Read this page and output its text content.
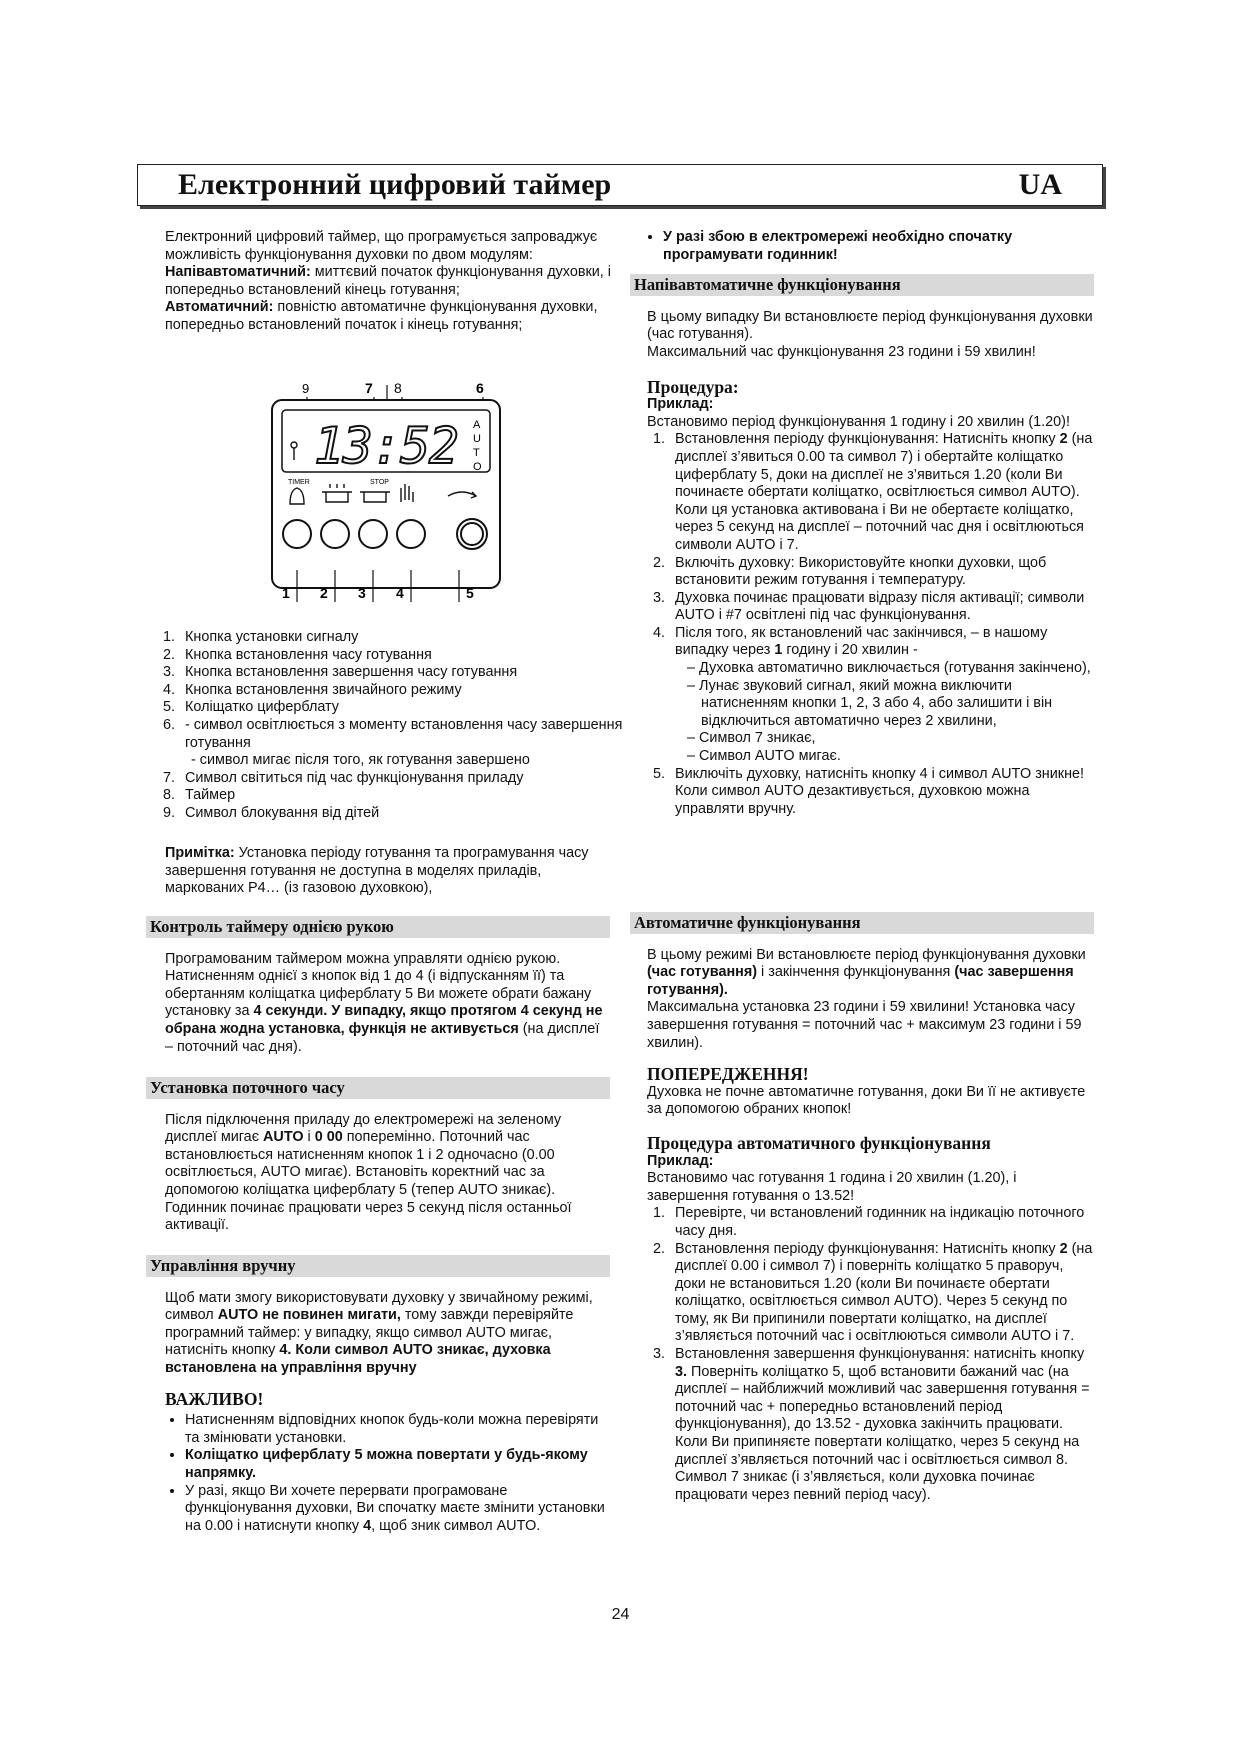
Електронний цифровий таймер	UA

Електронний цифровий таймер, що програмується запроваджує можливість функціонування духовки по двом модулям:

Напівавтоматичний: миттєвий початок функціонування духовки, і попередньо встановлений кінець готування;

Автоматичний: повністю автоматичне функціонування духовки, попередньо встановлений початок і кінець готування;

9	7 8	6
13:52 A U T O
TIMER	STOP
1 2 3 4	5
1. Кнопка установки сигналу
2. Кнопка встановлення часу готування
3. Кнопка встановлення завершення часу готування
4. Кнопка встановлення звичайного режиму
5. Коліщатко циферблату
6. - символ освітлюється з моменту встановлення часу завершення готування
- символ мигає після того, як готування завершено
7. Символ світиться під час функціонування приладу
8. Таймер
9. Символ блокування від дітей

Примітка: Установка періоду готування та програмування часу завершення готування не доступна в моделях приладів, маркованих P4… (із газовою духовкою),

Контроль таймеру однією рукою

Програмованим таймером можна управляти однією рукою. Натисненням однієї з кнопок від 1 до 4 (і відпусканням її) та обертанням коліщатка циферблату 5 Ви можете обрати бажану установку за 4 секунди. У випадку, якщо протягом 4 секунд не обрана жодна установка, функція не активується (на дисплеї – поточний час дня).

Установка поточного часу

Після підключення приладу до електромережі на зеленому дисплеї мигає AUTO і 0 00 поперемінно. Поточний час встановлюється натисненням кнопок 1 і 2 одночасно (0.00 освітлюється, AUTO мигає). Встановіть коректний час за допомогою коліщатка циферблату 5 (тепер AUTO зникає). Годинник починає працювати через 5 секунд після останньої активації.

Управління вручну

Щоб мати змогу використовувати духовку у звичайному режимі, символ AUTO не повинен мигати, тому завжди перевіряйте програмний таймер: у випадку, якщо символ AUTO мигає, натисніть кнопку 4. Коли символ AUTO зникає, духовка встановлена на управління вручну

ВАЖЛИВО!

• Натисненням відповідних кнопок будь-коли можна перевіряти та змінювати установки.
• Коліщатко циферблату 5 можна повертати у будь-якому напрямку.
• У разі, якщо Ви хочете перервати програмоване функціонування духовки, Ви спочатку маєте змінити установки на 0.00 і натиснути кнопку 4, щоб зник символ AUTO.
• У разі збою в електромережі необхідно спочатку програмувати годинник!
Напівавтоматичне функціонування

В цьому випадку Ви встановлюєте період функціонування духовки (час готування).
Максимальний час функціонування 23 години і 59 хвилин!

Процедура:

Приклад:

Встановимо період функціонування 1 годину і 20 хвилин (1.20)!

1. Встановлення періоду функціонування: Натисніть кнопку 2 (на дисплеї з’явиться 0.00 та символ 7) і обертайте коліщатко циферблату 5, доки на дисплеї не з’явиться 1.20 (коли Ви починаєте обертати коліщатко, освітлюється символ AUTO). Коли ця установка активована і Ви не обертаєте коліщатко, через 5 секунд на дисплеї – поточний час дня і освітлюються символи AUTO і 7.
2. Включіть духовку: Використовуйте кнопки духовки, щоб встановити режим готування і температуру.
3. Духовка починає працювати відразу після активації; символи AUTO і #7 освітлені під час функціонування.
4. Після того, як встановлений час закінчився, – в нашому випадку через 1 годину і 20 хвилин -
– Духовка автоматично виключається (готування закінчено),
– Лунає звуковий сигнал, який можна виключити натисненням кнопки 1, 2, 3 або 4, або залишити і він відключиться автоматично через 2 хвилини,
– Символ 7 зникає,
– Символ AUTO мигає.
5. Виключіть духовку, натисніть кнопку 4 і символ AUTO зникне! Коли символ AUTO дезактивується, духовкою можна управляти вручну.
Автоматичне функціонування

В цьому режимі Ви встановлюєте період функціонування духовки (час готування) і закінчення функціонування (час завершення готування).
Максимальна установка 23 години і 59 хвилини! Установка часу завершення готування = поточний час + максимум 23 години і 59 хвилин).

ПОПЕРЕДЖЕННЯ!

Духовка не почне автоматичне готування, доки Ви її не активуєте за допомогою обраних кнопок!

Процедура автоматичного функціонування

Приклад:

Встановимо час готування 1 година і 20 хвилин (1.20), і завершення готування о 13.52!

1. Перевірте, чи встановлений годинник на індикацію поточного часу дня.
2. Встановлення періоду функціонування: Натисніть кнопку 2 (на дисплеї 0.00 і символ 7) і поверніть коліщатко 5 праворуч, доки не встановиться 1.20 (коли Ви починаєте обертати коліщатко, освітлюється символ AUTO). Через 5 секунд по тому, як Ви припинили повертати коліщатко, на дисплеї з’являється поточний час і освітлюються символи AUTO і 7.
3. Встановлення завершення функціонування: натисніть кнопку 3. Поверніть коліщатко 5, щоб встановити бажаний час (на дисплеї – найближчий можливий час завершення готування = поточний час + попередньо встановлений період функціонування), до 13.52 - духовка закінчить працювати. Коли Ви припиняєте повертати коліщатко, через 5 секунд на дисплеї з’являється поточний час і освітлюється символ 8. Символ 7 зникає (і з’являється, коли духовка починає працювати через певний період часу).
24
